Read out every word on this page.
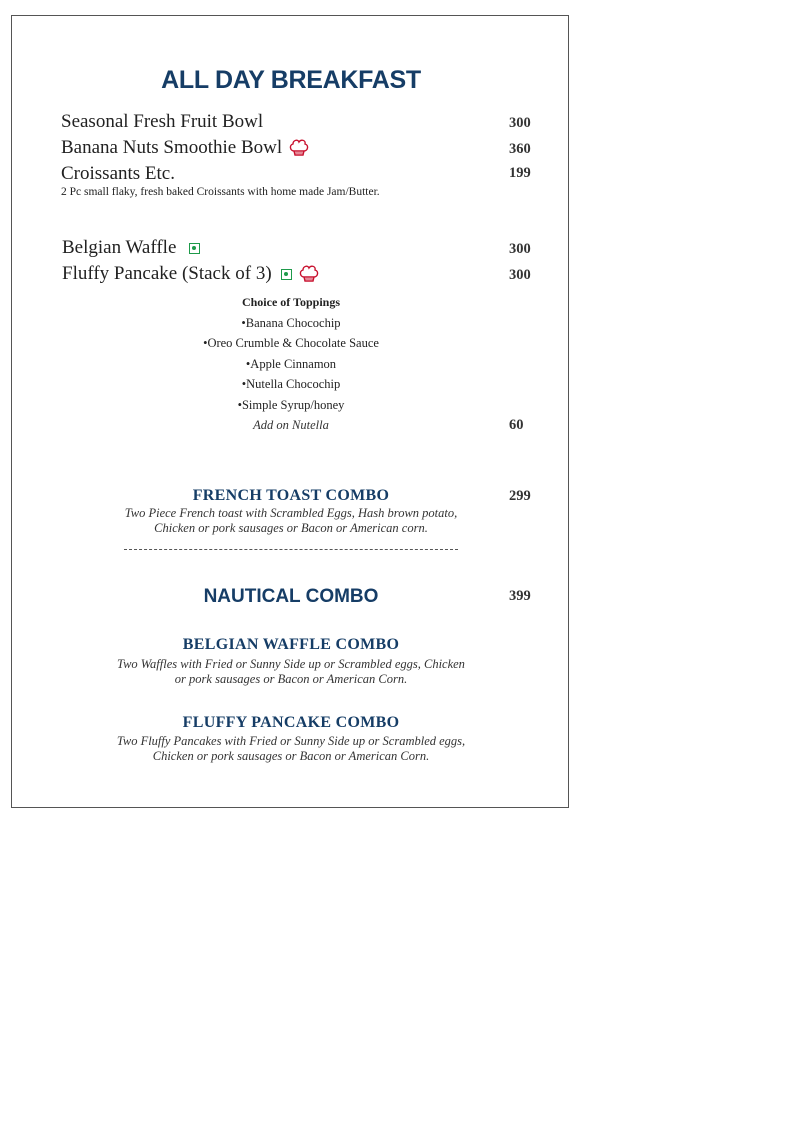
ALL DAY BREAKFAST
Seasonal Fresh Fruit Bowl	300
Banana Nuts Smoothie Bowl	360
Croissants Etc.	199
2 Pc small flaky, fresh baked Croissants with home made Jam/Butter.
Belgian Waffle	300
Fluffy Pancake (Stack of 3)	300
Choice of Toppings
•Banana Chocochip
•Oreo Crumble & Chocolate Sauce
•Apple Cinnamon
•Nutella Chocochip
•Simple Syrup/honey
Add on Nutella	60
FRENCH TOAST COMBO	299
Two Piece French toast with Scrambled Eggs, Hash brown potato,
Chicken or pork sausages or Bacon or American corn.
NAUTICAL COMBO	399
BELGIAN WAFFLE COMBO
Two Waffles with Fried or Sunny Side up or Scrambled eggs, Chicken
or pork sausages or Bacon or American Corn.
FLUFFY PANCAKE COMBO
Two Fluffy Pancakes with Fried or Sunny Side up or Scrambled eggs,
Chicken or pork sausages or Bacon or American Corn.
